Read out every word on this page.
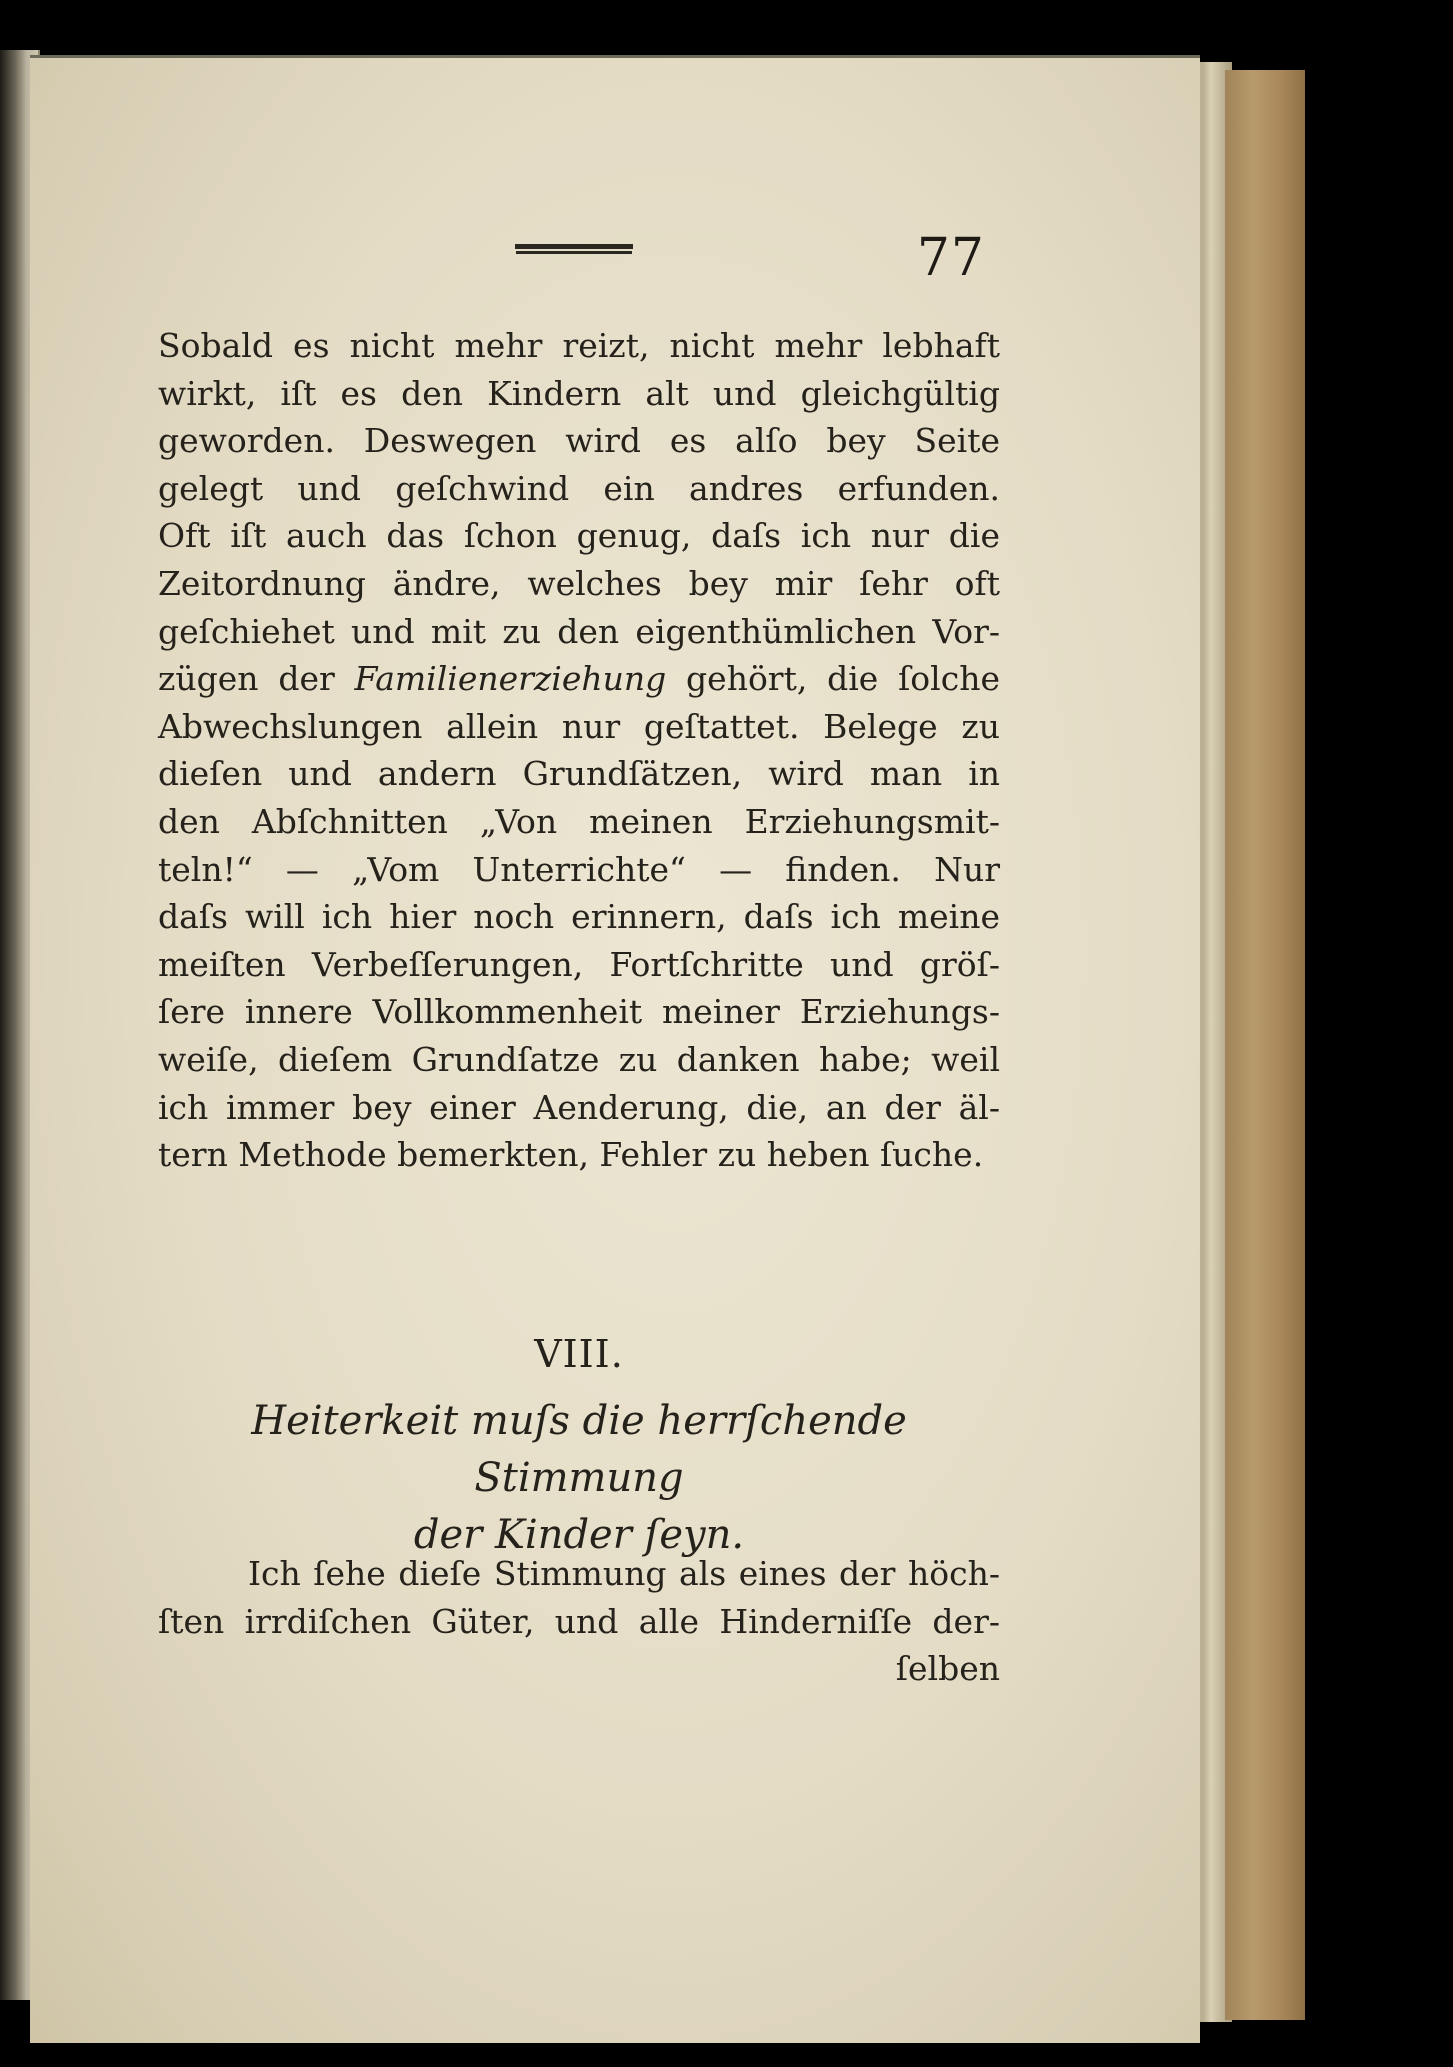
77
Sobald es nicht mehr reizt, nicht mehr lebhaft
wirkt, iſt es den Kindern alt und gleichgültig
geworden. Deswegen wird es alſo bey Seite
gelegt und geſchwind ein andres erfunden.
Oft iſt auch das ſchon genug, daſs ich nur die
Zeitordnung ändre, welches bey mir ſehr oft
geſchiehet und mit zu den eigenthümlichen Vor-
zügen der Familienerziehung gehört, die ſolche
Abwechslungen allein nur geſtattet. Belege zu
dieſen und andern Grundſätzen, wird man in
den Abſchnitten „Von meinen Erziehungsmit-
teln!“ — „Vom Unterrichte“ — finden. Nur
daſs will ich hier noch erinnern, daſs ich meine
meiſten Verbeſſerungen, Fortſchritte und gröſ-
ſere innere Vollkommenheit meiner Erziehungs-
weiſe, dieſem Grundſatze zu danken habe; weil
ich immer bey einer Aenderung, die, an der äl-
tern Methode bemerkten, Fehler zu heben ſuche.
VIII.
Heiterkeit muſs die herrſchende Stimmung
der Kinder ſeyn.
Ich ſehe dieſe Stimmung als eines der höch-
ſten irrdiſchen Güter, und alle Hinderniſſe der-
ſelben
